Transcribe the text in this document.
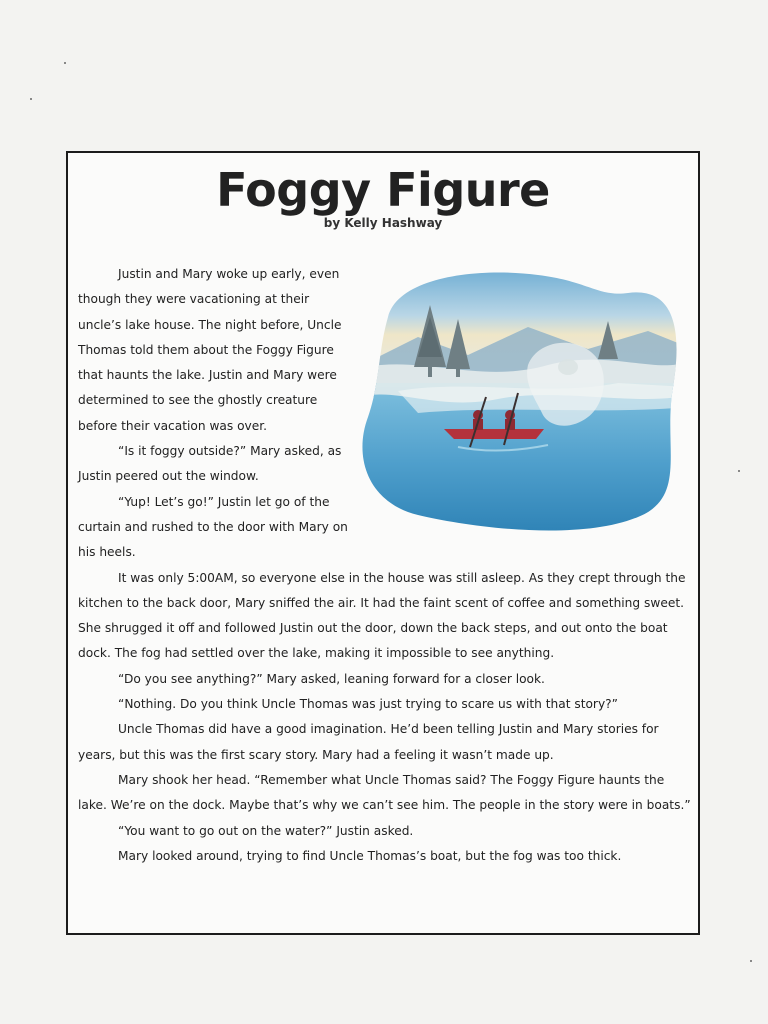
Foggy Figure
by Kelly Hashway

Justin and Mary woke up early, even though they were vacationing at their uncle’s lake house. The night before, Uncle Thomas told them about the Foggy Figure that haunts the lake. Justin and Mary were determined to see the ghostly creature before their vacation was over.

“Is it foggy outside?” Mary asked, as Justin peered out the window.

“Yup! Let’s go!” Justin let go of the curtain and rushed to the door with Mary on his heels.

It was only 5:00AM, so everyone else in the house was still asleep. As they crept through the kitchen to the back door, Mary sniffed the air. It had the faint scent of coffee and something sweet. She shrugged it off and followed Justin out the door, down the back steps, and out onto the boat dock. The fog had settled over the lake, making it impossible to see anything.

“Do you see anything?” Mary asked, leaning forward for a closer look.

“Nothing. Do you think Uncle Thomas was just trying to scare us with that story?”

Uncle Thomas did have a good imagination. He’d been telling Justin and Mary stories for years, but this was the first scary story. Mary had a feeling it wasn’t made up.

Mary shook her head. “Remember what Uncle Thomas said? The Foggy Figure haunts the lake. We’re on the dock. Maybe that’s why we can’t see him. The people in the story were in boats.”

“You want to go out on the water?” Justin asked.

Mary looked around, trying to find Uncle Thomas’s boat, but the fog was too thick.
